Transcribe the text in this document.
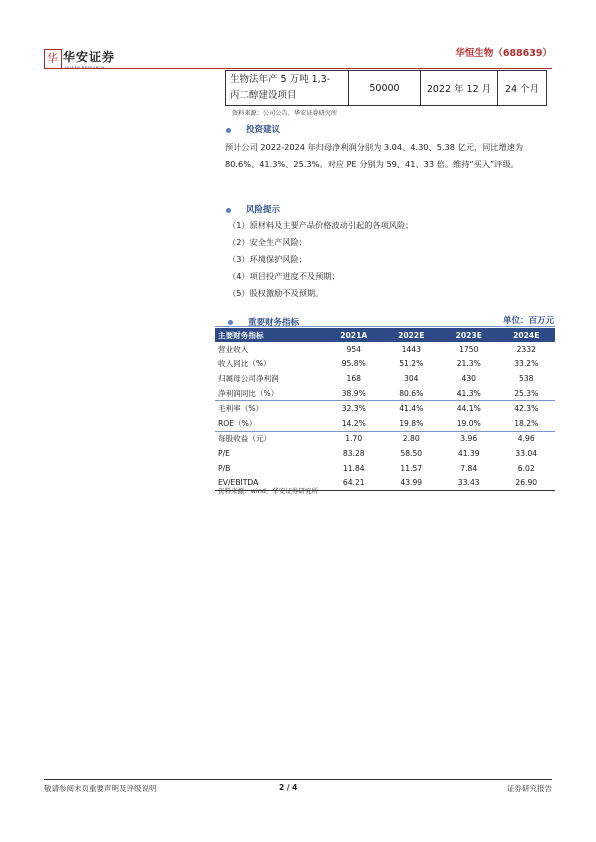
华 华安证券
HUAAN RESEARCH
华恒生物（688639）
生物法年产 5 万吨 1,3-
丙二醇建设项目
	50000	2022 年 12 月	24 个月
资料来源：公司公告、华安证券研究所
投资建议
预计公司 2022-2024 年归母净利润分别为 3.04、4.30、5.38 亿元，同比增速为 80.6%、41.3%、25.3%。对应 PE 分别为 59、41、33 倍。维持“买入”评级。
风险提示
（1）原材料及主要产品价格波动引起的各项风险；
（2）安全生产风险；
（3）环境保护风险；
（4）项目投产进度不及预期；
（5）股权激励不及预期。
重要财务指标	单位：百万元
主要财务指标	2021A	2022E	2023E	2024E
营业收入	954	1443	1750	2332
收入同比（%）	95.8%	51.2%	21.3%	33.2%
归属母公司净利润	168	304	430	538
净利润同比（%）	38.9%	80.6%	41.3%	25.3%
毛利率（%）	32.3%	41.4%	44.1%	42.3%
ROE（%）	14.2%	19.8%	19.0%	18.2%
每股收益（元）	1.70	2.80	3.96	4.96
P/E	83.28	58.50	41.39	33.04
P/B	11.84	11.57	7.84	6.02
EV/EBITDA	64.21	43.99	33.43	26.90
资料来源：wind，华安证券研究所
敬请参阅末页重要声明及评级说明	2 / 4	证券研究报告
